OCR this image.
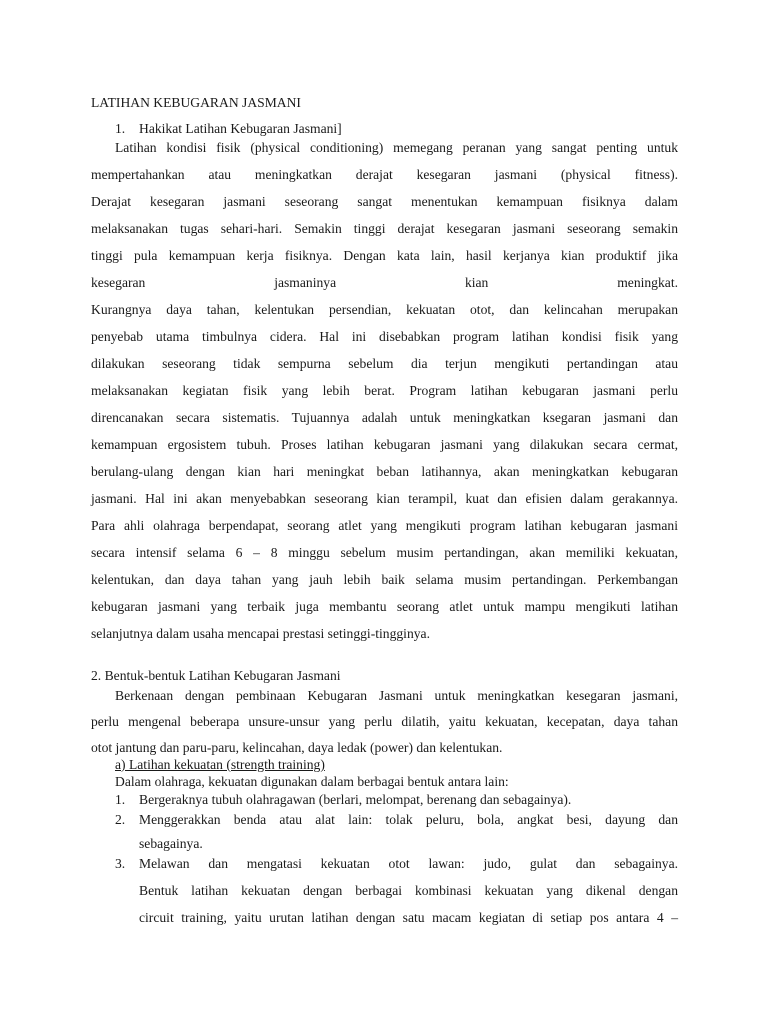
LATIHAN KEBUGARAN JASMANI
1. Hakikat Latihan Kebugaran Jasmani]
Latihan kondisi fisik (physical conditioning) memegang peranan yang sangat penting untuk
mempertahankan atau meningkatkan derajat kesegaran jasmani (physical fitness).
Derajat kesegaran jasmani seseorang sangat menentukan kemampuan fisiknya dalam
melaksanakan tugas sehari-hari. Semakin tinggi derajat kesegaran jasmani seseorang semakin
tinggi pula kemampuan kerja fisiknya. Dengan kata lain, hasil kerjanya kian produktif jika
kesegaran jasmaninya kian meningkat.
Kurangnya daya tahan, kelentukan persendian, kekuatan otot, dan kelincahan merupakan
penyebab utama timbulnya cidera. Hal ini disebabkan program latihan kondisi fisik yang
dilakukan seseorang tidak sempurna sebelum dia terjun mengikuti pertandingan atau
melaksanakan kegiatan fisik yang lebih berat. Program latihan kebugaran jasmani perlu
direncanakan secara sistematis. Tujuannya adalah untuk meningkatkan ksegaran jasmani dan
kemampuan ergosistem tubuh. Proses latihan kebugaran jasmani yang dilakukan secara cermat,
berulang-ulang dengan kian hari meningkat beban latihannya, akan meningkatkan kebugaran
jasmani. Hal ini akan menyebabkan seseorang kian terampil, kuat dan efisien dalam gerakannya.
Para ahli olahraga berpendapat, seorang atlet yang mengikuti program latihan kebugaran jasmani
secara intensif selama 6 – 8 minggu sebelum musim pertandingan, akan memiliki kekuatan,
kelentukan, dan daya tahan yang jauh lebih baik selama musim pertandingan. Perkembangan
kebugaran jasmani yang terbaik juga membantu seorang atlet untuk mampu mengikuti latihan
selanjutnya dalam usaha mencapai prestasi setinggi-tingginya.
2. Bentuk-bentuk Latihan Kebugaran Jasmani
Berkenaan dengan pembinaan Kebugaran Jasmani untuk meningkatkan kesegaran jasmani,
perlu mengenal beberapa unsure-unsur yang perlu dilatih, yaitu kekuatan, kecepatan, daya tahan
otot jantung dan paru-paru, kelincahan, daya ledak (power) dan kelentukan.
a) Latihan kekuatan (strength training)
Dalam olahraga, kekuatan digunakan dalam berbagai bentuk antara lain:
1. Bergeraknya tubuh olahragawan (berlari, melompat, berenang dan sebagainya).
2. Menggerakkan benda atau alat lain: tolak peluru, bola, angkat besi, dayung dan
sebagainya.
3. Melawan dan mengatasi kekuatan otot lawan: judo, gulat dan sebagainya.
Bentuk latihan kekuatan dengan berbagai kombinasi kekuatan yang dikenal dengan
circuit training, yaitu urutan latihan dengan satu macam kegiatan di setiap pos antara 4 –
